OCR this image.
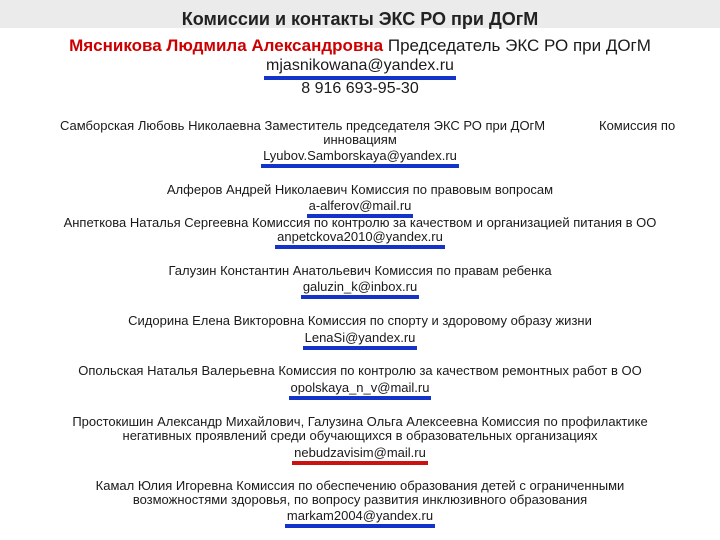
Комиссии и контакты ЭКС РО при ДОгМ
Мясникова Людмила Александровна Председатель ЭКС РО при ДОгМ
mjasnikowana@yandex.ru
8 916 693-95-30
Самборская Любовь Николаевна Заместитель председателя ЭКС РО при ДОгМ	Комиссия по
инновациям
Lyubov.Samborskaya@yandex.ru
Алферов Андрей Николаевич Комиссия по правовым вопросам
a-alferov@mail.ru
Анпеткова Наталья Сергеевна Комиссия по контролю за качеством и организацией питания в ОО
anpetckova2010@yandex.ru
Галузин Константин Анатольевич Комиссия по правам ребенка
galuzin_k@inbox.ru
Сидорина Елена Викторовна Комиссия по спорту и здоровому образу жизни
LenaSi@yandex.ru
Опольская Наталья Валерьевна Комиссия по контролю за качеством ремонтных работ в ОО
opolskaya_n_v@mail.ru
Простокишин Александр Михайлович, Галузина Ольга Алексеевна Комиссия по профилактике
негативных проявлений среди обучающихся в образовательных организациях
nebudzavisim@mail.ru
Камал Юлия Игоревна Комиссия по обеспечению образования детей с ограниченными
возможностями здоровья, по вопросу развития инклюзивного образования
markam2004@yandex.ru
